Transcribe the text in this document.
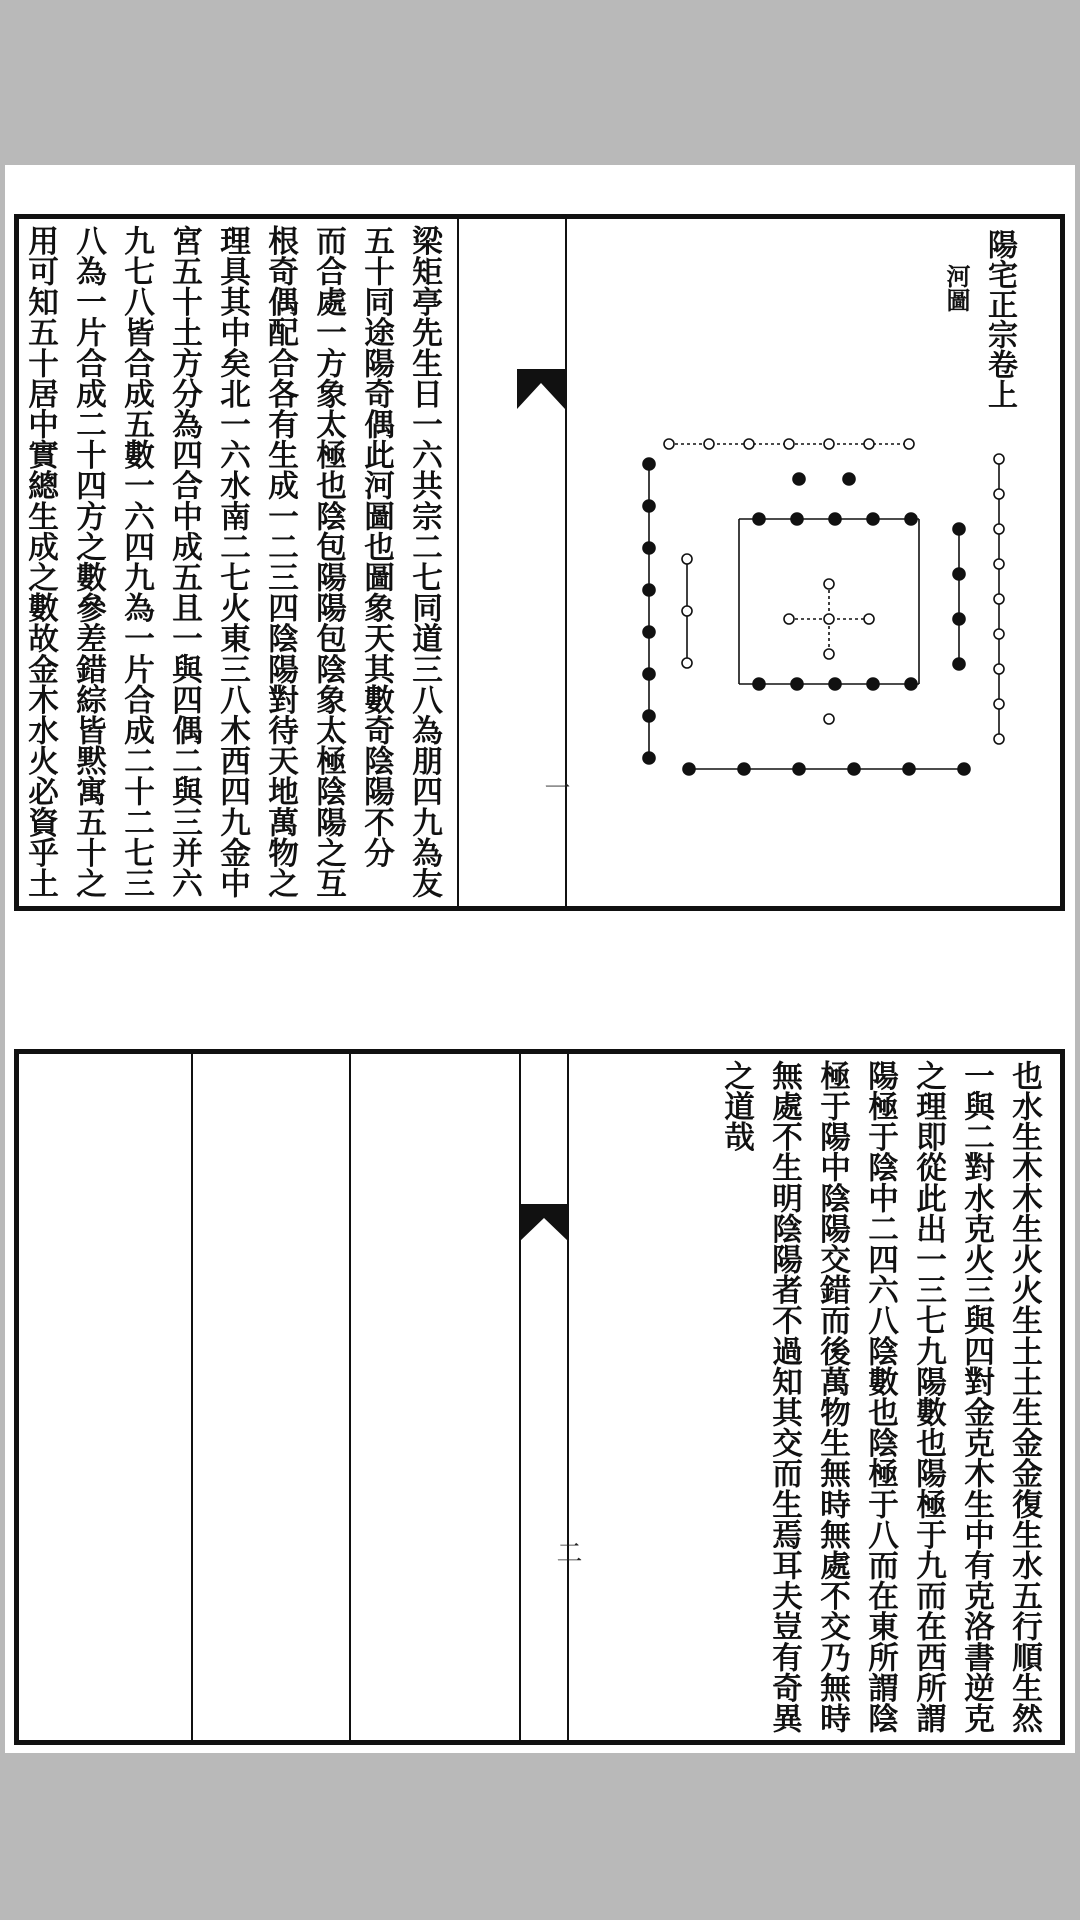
一
陽宅正宗卷上
河圖
梁矩亭先生日一六共宗二七同道三八為朋四九為友
五十同途陽奇偶此河圖也圖象天其數奇陰陽不分
而合處一方象太極也陰包陽陽包陰象太極陰陽之互
根奇偶配合各有生成一二三四陰陽對待天地萬物之
理具其中矣北一六水南二七火東三八木西四九金中
宮五十土方分為四合中成五且一與四偶二與三并六
九七八皆合成五數一六四九為一片合成二十二七三
八為一片合成二十四方之數參差錯綜皆黙寓五十之
用可知五十居中實總生成之數故金木水火必資乎土
二	也水生木木生火火生土土生金金復生水五行順生然
一與二對水克火三與四對金克木生中有克洛書逆克
之理即從此出一三七九陽數也陽極于九而在西所謂
陽極于陰中二四六八陰數也陰極于八而在東所謂陰
極于陽中陰陽交錯而後萬物生無時無處不交乃無時
無處不生明陰陽者不過知其交而生焉耳夫豈有奇異
之道哉
